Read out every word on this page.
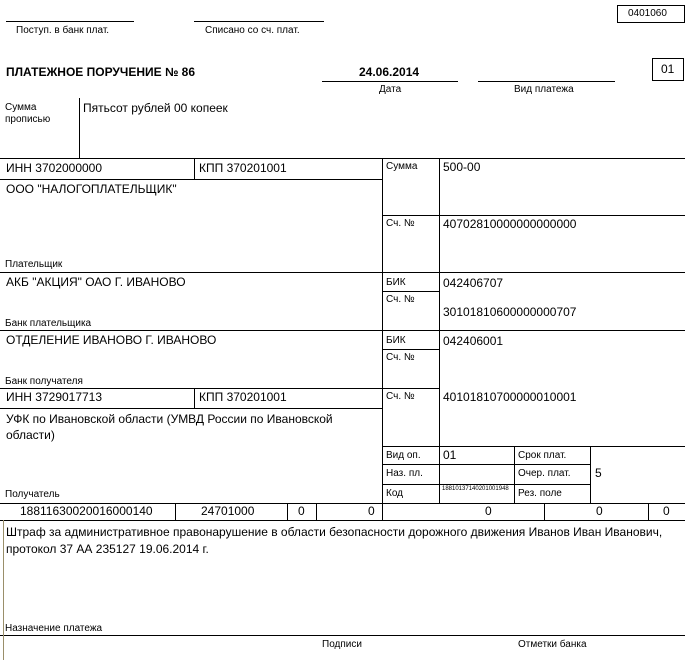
0401060
Поступ. в банк плат.	Списано со сч. плат.
ПЛАТЕЖНОЕ ПОРУЧЕНИЕ № 86	24.06.2014
Дата	Вид платежа
01
Сумма прописью
Пятьсот рублей 00 копеек
ИНН 3702000000	КПП 370201001
ООО "НАЛОГОПЛАТЕЛЬЩИК"
Плательщик
Сумма 500-00
Сч. № 40702810000000000000
АКБ "АКЦИЯ" ОАО Г. ИВАНОВО
Банк плательщика
БИК	042406707
Сч. №
30101810600000000707
ОТДЕЛЕНИЕ ИВАНОВО Г. ИВАНОВО
Банк получателя
БИК	042406001
Сч. №
ИНН 3729017713	КПП 370201001
УФК по Ивановской области (УМВД России по Ивановской области)
Получатель
Сч. № 40101810700000010001
Вид оп. 01
Наз. пл.
Код	18810137140201001948
Срок плат.
Очер. плат. 5
Рез. поле
18811630020016000140	24701000	0	0	0	0	0
Штраф за административное правонарушение в области безопасности дорожного движения Иванов Иван Иванович, протокол 37 АА 235127 19.06.2014 г.
Назначение платежа
Подписи	Отметки банка
